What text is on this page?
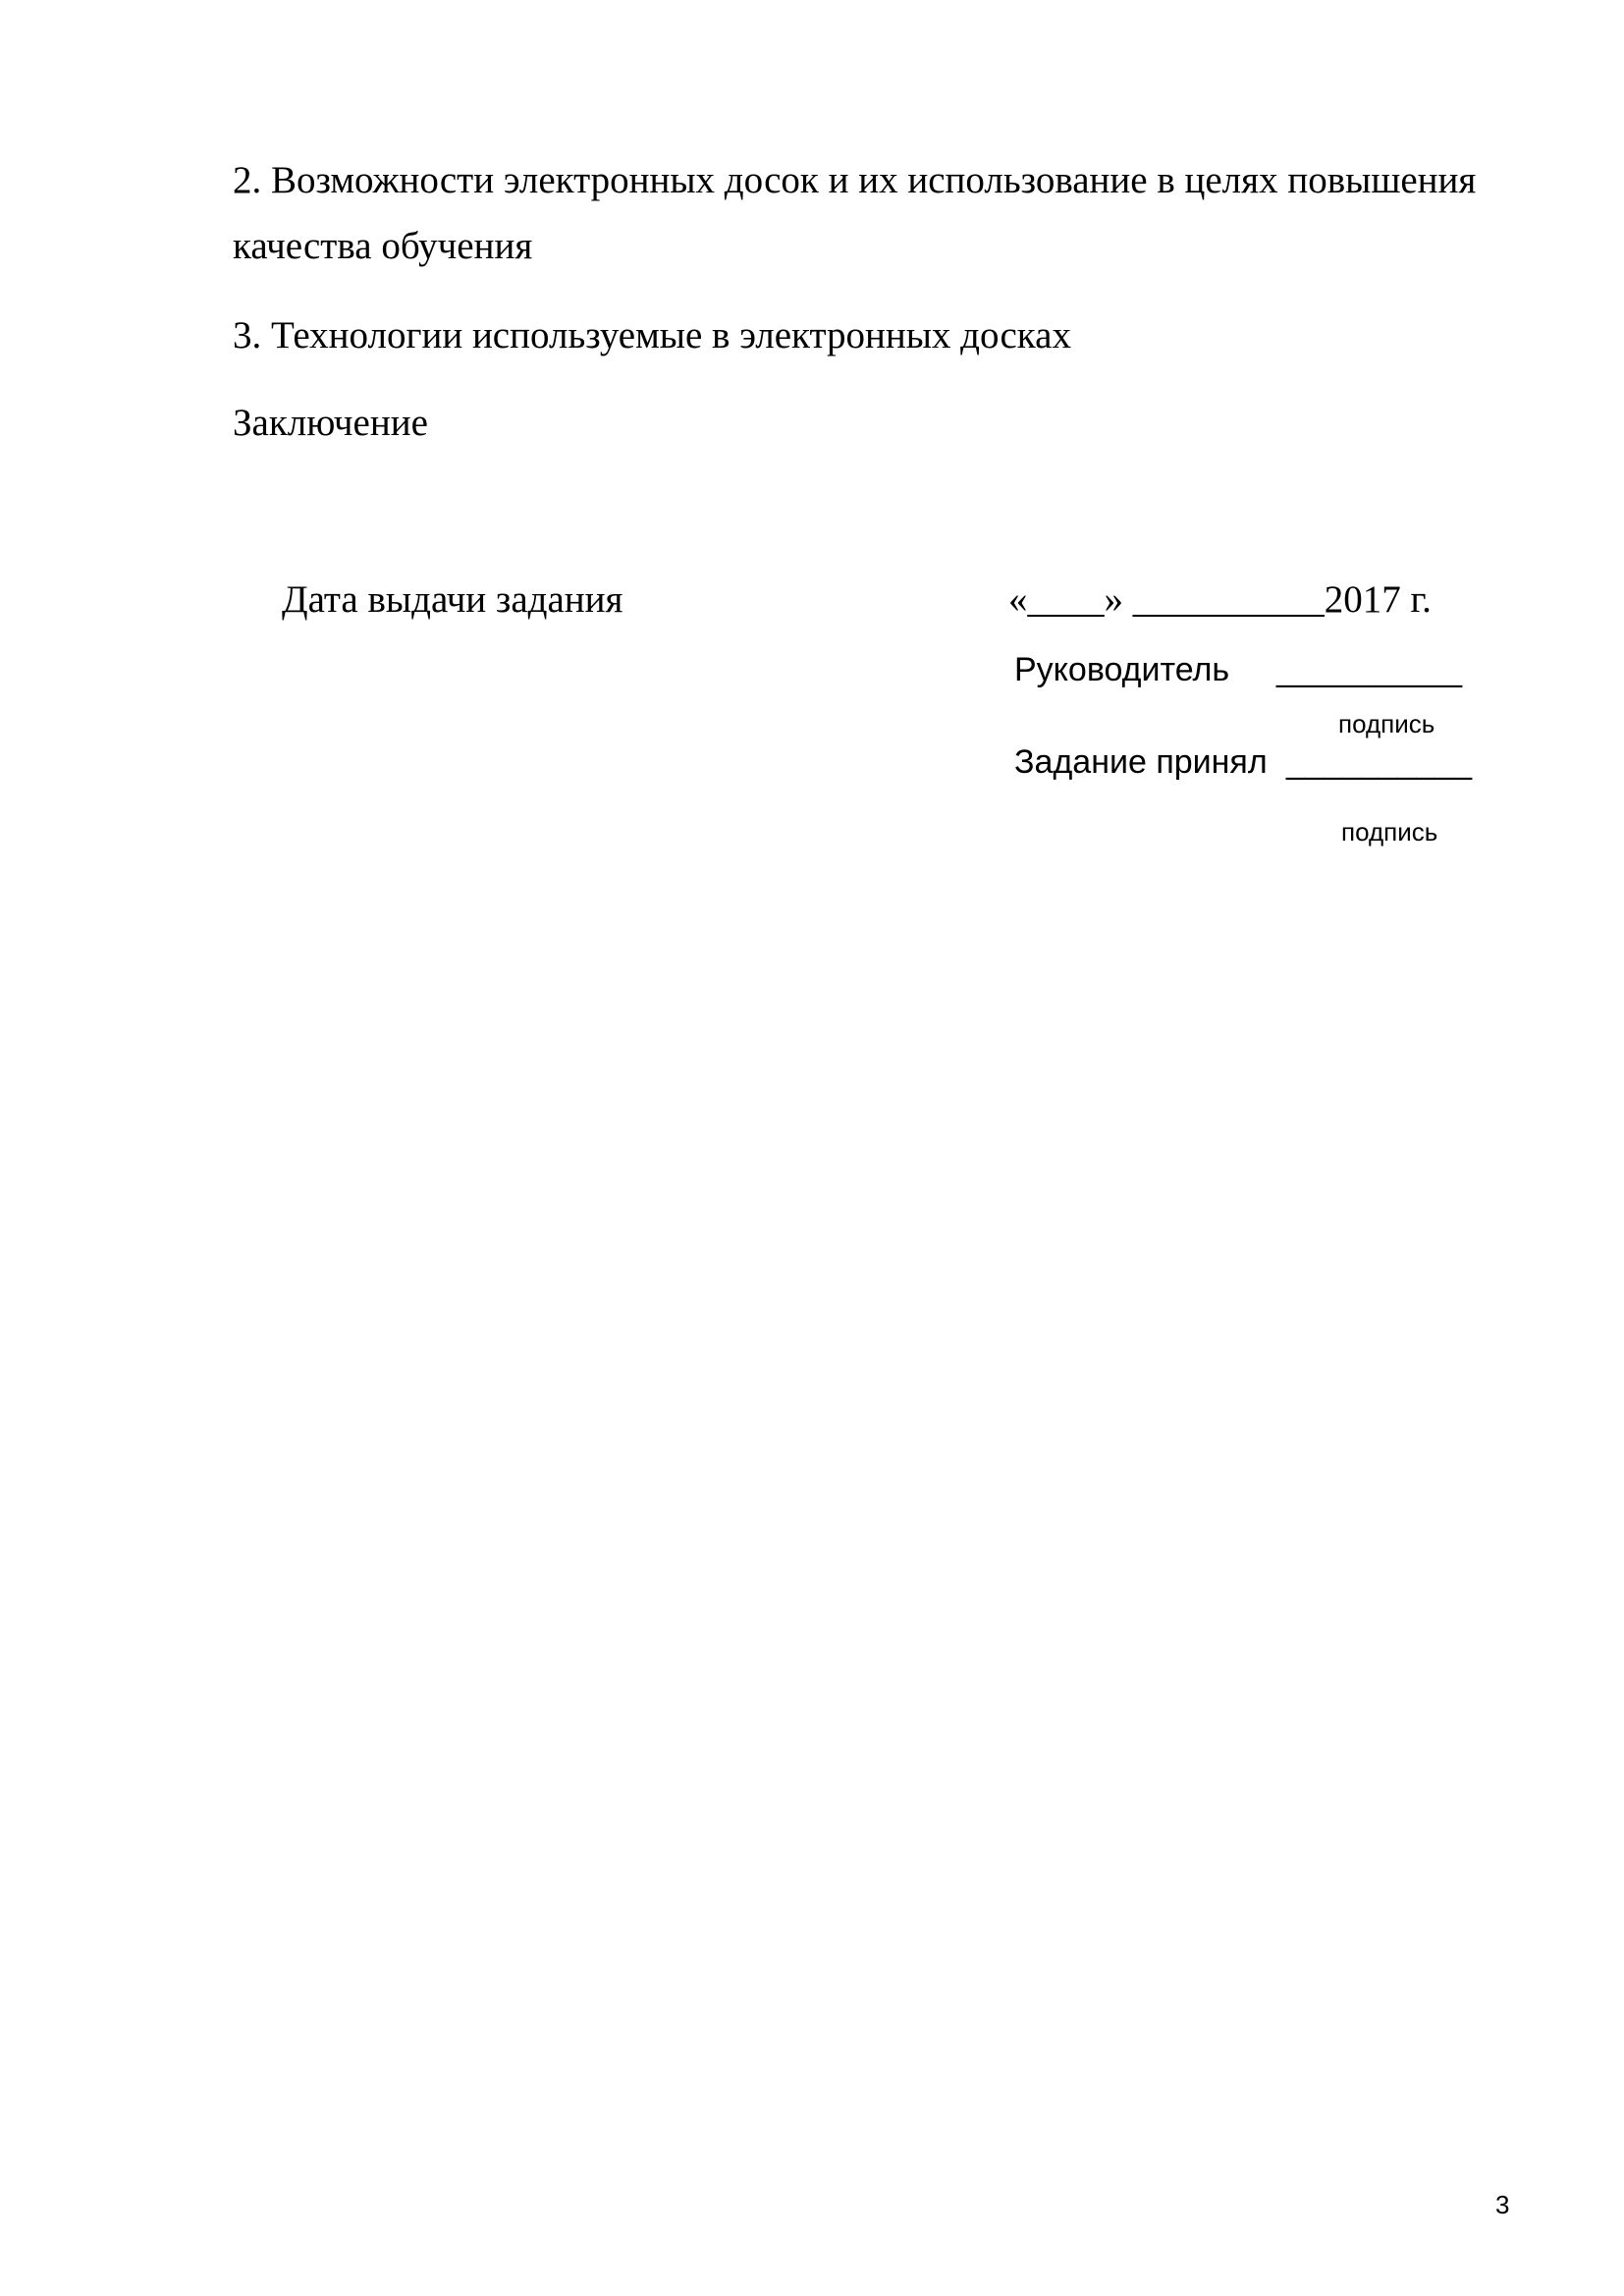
2. Возможности электронных досок и их использование в целях повышения
качества обучения
3. Технологии используемые в электронных досках
Заключение
Дата выдачи задания	«____» __________2017 г.
Руководитель __________
подпись
Задание принял __________
подпись
3
